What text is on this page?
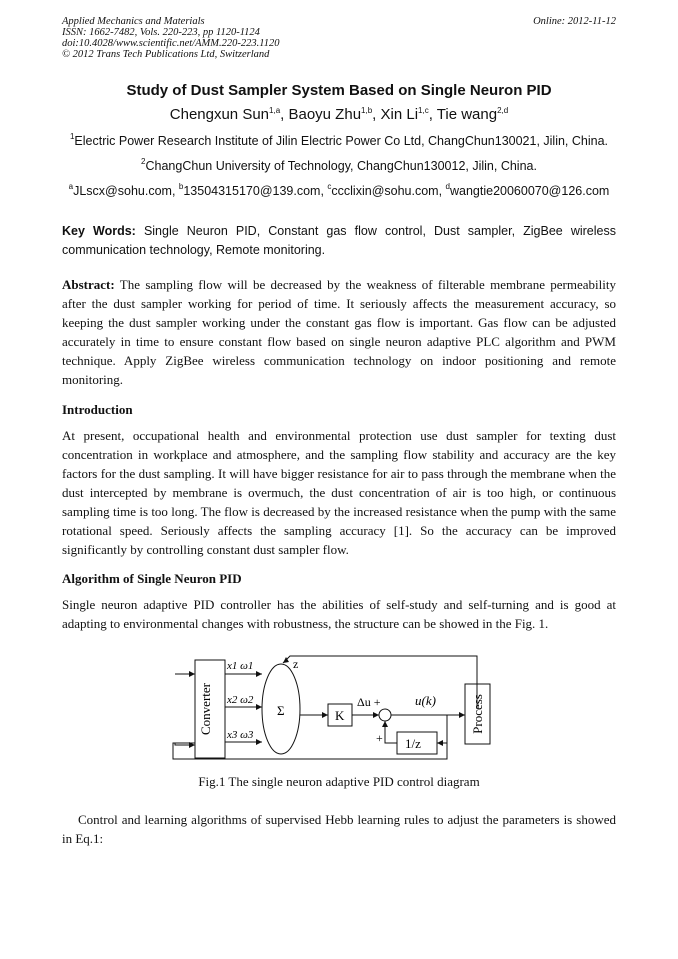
Applied Mechanics and Materials
ISSN: 1662-7482, Vols. 220-223, pp 1120-1124
doi:10.4028/www.scientific.net/AMM.220-223.1120
© 2012 Trans Tech Publications Ltd, Switzerland
Online: 2012-11-12
Study of Dust Sampler System Based on Single Neuron PID
Chengxun Sun$^{1,a}$, Baoyu Zhu$^{1,b}$, Xin Li$^{1,c}$, Tie wang$^{2,d}$
$^1$Electric Power Research Institute of Jilin Electric Power Co Ltd, ChangChun130021, Jilin, China.
$^2$ChangChun University of Technology, ChangChun130012, Jilin, China.
$^a$JLscx@sohu.com, $^b$13504315170@139.com, $^c$ccclixin@sohu.com, $^d$wangtie20060070@126.com
Key Words: Single Neuron PID, Constant gas flow control, Dust sampler, ZigBee wireless communication technology, Remote monitoring.
Abstract: The sampling flow will be decreased by the weakness of filterable membrane permeability after the dust sampler working for period of time. It seriously affects the measurement accuracy, so keeping the dust sampler working under the constant gas flow is important. Gas flow can be adjusted accurately in time to ensure constant flow based on single neuron adaptive PLC algorithm and PWM technique. Apply ZigBee wireless communication technology on indoor positioning and remote monitoring.
Introduction
At present, occupational health and environmental protection use dust sampler for texting dust concentration in workplace and atmosphere, and the sampling flow stability and accuracy are the key factors for the dust sampling. It will have bigger resistance for air to pass through the membrane when the dust intercepted by membrane is overmuch, the dust concentration of air is too high, or continuous sampling time is too long. The flow is decreased by the increased resistance when the pump with the same rotational speed. Seriously affects the sampling accuracy [1]. So the accuracy can be improved significantly by controlling constant dust sampler flow.
Algorithm of Single Neuron PID
Single neuron adaptive PID controller has the abilities of self-study and self-turning and is good at adapting to environmental changes with robustness, the structure can be showed in the Fig. 1.
Converter	Process
Σ	K
1/z
z
Δu +
+
u(k)
x1 ω1
x2 ω2
x3 ω3
Fig.1 The single neuron adaptive PID control diagram
Control and learning algorithms of supervised Hebb learning rules to adjust the parameters is showed in Eq.1:
